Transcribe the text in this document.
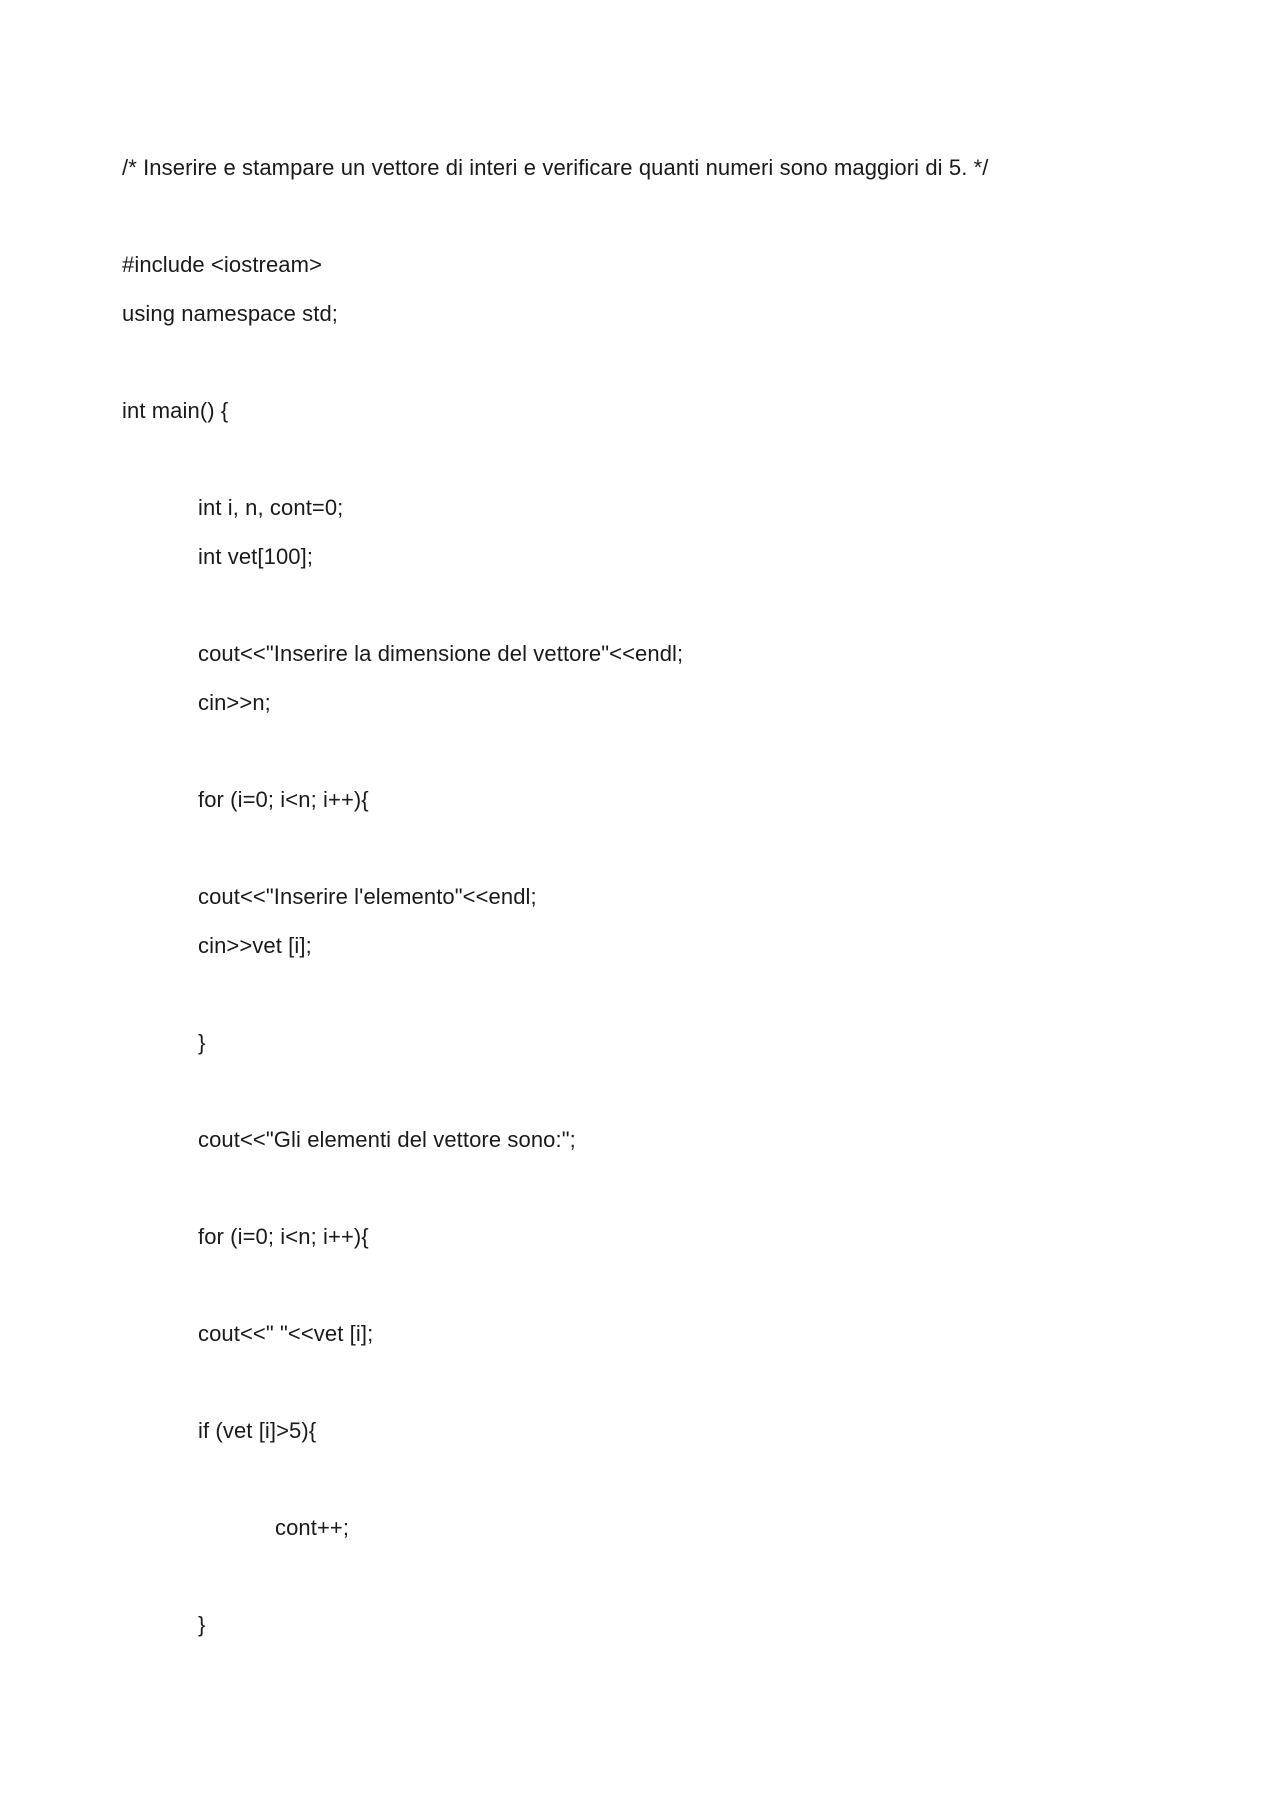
/* Inserire e stampare un vettore di interi e verificare quanti numeri sono maggiori di 5. */
#include <iostream>
using namespace std;
int main() {
int i, n, cont=0;
int vet[100];
cout<<"Inserire la dimensione del vettore"<<endl;
cin>>n;
for (i=0; i<n; i++){
cout<<"Inserire l'elemento"<<endl;
cin>>vet [i];
}
cout<<"Gli elementi del vettore sono:";
for (i=0; i<n; i++){
cout<<" "<<vet [i];
if (vet [i]>5){
cont++;
}
